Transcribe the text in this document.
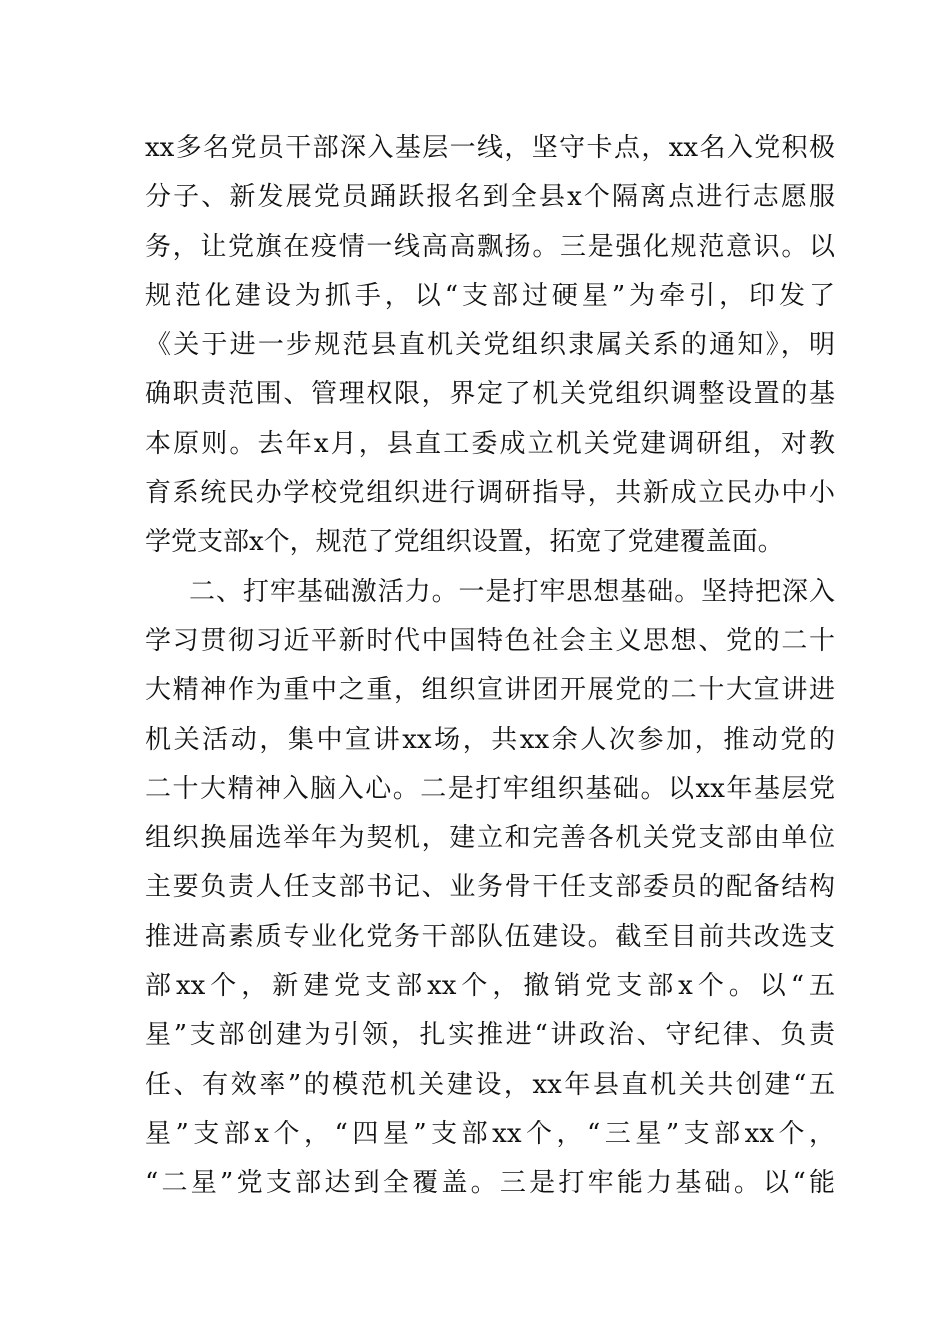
xx多名党员干部深入基层一线，坚守卡点，xx名入党积极
分子、新发展党员踊跃报名到全县x个隔离点进行志愿服
务，让党旗在疫情一线高高飘扬。三是强化规范意识。以
规范化建设为抓手，以“支部过硬星”为牵引，印发了
《关于进一步规范县直机关党组织隶属关系的通知》，明
确职责范围、管理权限，界定了机关党组织调整设置的基
本原则。去年x月，县直工委成立机关党建调研组，对教
育系统民办学校党组织进行调研指导，共新成立民办中小
学党支部x个，规范了党组织设置，拓宽了党建覆盖面。
二、打牢基础激活力。一是打牢思想基础。坚持把深入
学习贯彻习近平新时代中国特色社会主义思想、党的二十
大精神作为重中之重，组织宣讲团开展党的二十大宣讲进
机关活动，集中宣讲xx场，共xx余人次参加，推动党的
二十大精神入脑入心。二是打牢组织基础。以xx年基层党
组织换届选举年为契机，建立和完善各机关党支部由单位
主要负责人任支部书记、业务骨干任支部委员的配备结构
推进高素质专业化党务干部队伍建设。截至目前共改选支
部xx个，新建党支部xx个，撤销党支部x个。以“五
星”支部创建为引领，扎实推进“讲政治、守纪律、负责
任、有效率”的模范机关建设，xx年县直机关共创建“五
星”支部x个，“四星”支部xx个，“三星”支部xx个，
“二星”党支部达到全覆盖。三是打牢能力基础。以“能
